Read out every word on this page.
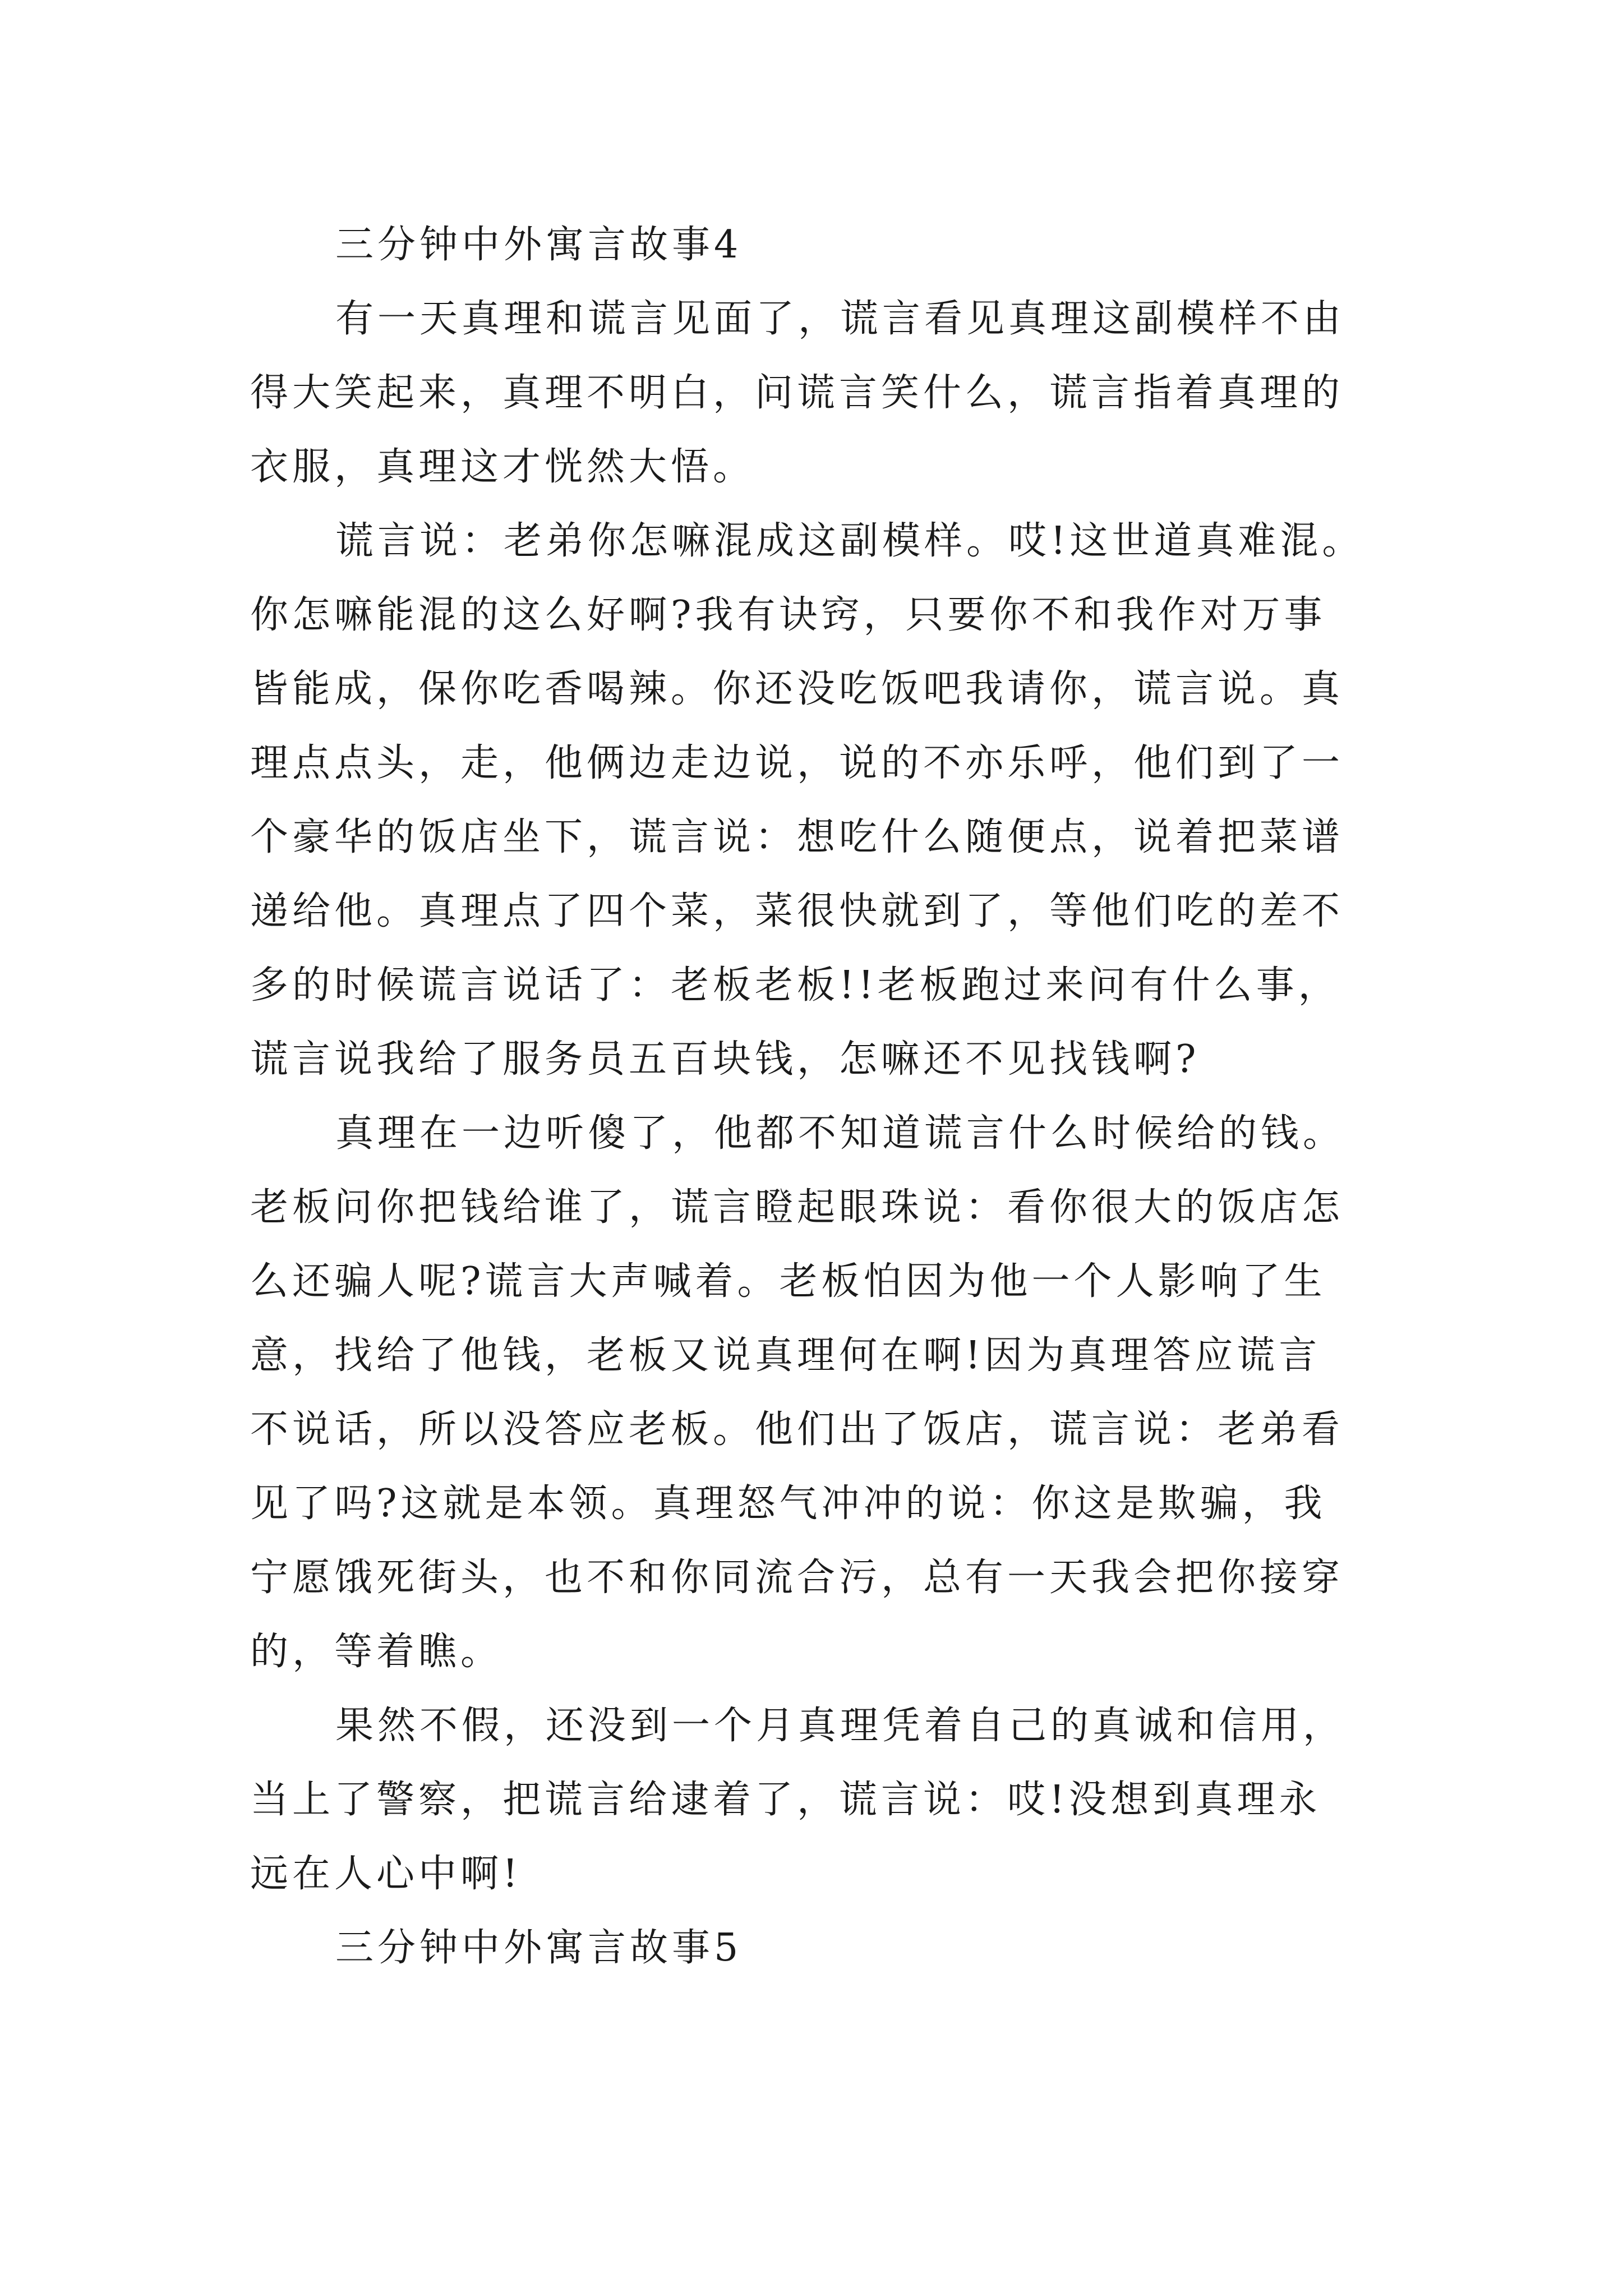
三分钟中外寓言故事4
有一天真理和谎言见面了，谎言看见真理这副模样不由
得大笑起来，真理不明白，问谎言笑什么，谎言指着真理的
衣服，真理这才恍然大悟。
谎言说：老弟你怎嘛混成这副模样。哎!这世道真难混。
你怎嘛能混的这么好啊?我有诀窍，只要你不和我作对万事
皆能成，保你吃香喝辣。你还没吃饭吧我请你，谎言说。真
理点点头，走，他俩边走边说，说的不亦乐呼，他们到了一
个豪华的饭店坐下，谎言说：想吃什么随便点，说着把菜谱
递给他。真理点了四个菜，菜很快就到了，等他们吃的差不
多的时候谎言说话了：老板老板!!老板跑过来问有什么事，
谎言说我给了服务员五百块钱，怎嘛还不见找钱啊?
真理在一边听傻了，他都不知道谎言什么时候给的钱。
老板问你把钱给谁了，谎言瞪起眼珠说：看你很大的饭店怎
么还骗人呢?谎言大声喊着。老板怕因为他一个人影响了生
意，找给了他钱，老板又说真理何在啊!因为真理答应谎言
不说话，所以没答应老板。他们出了饭店，谎言说：老弟看
见了吗?这就是本领。真理怒气冲冲的说：你这是欺骗，我
宁愿饿死街头，也不和你同流合污，总有一天我会把你接穿
的，等着瞧。
果然不假，还没到一个月真理凭着自己的真诚和信用，
当上了警察，把谎言给逮着了，谎言说：哎!没想到真理永
远在人心中啊!
三分钟中外寓言故事5
